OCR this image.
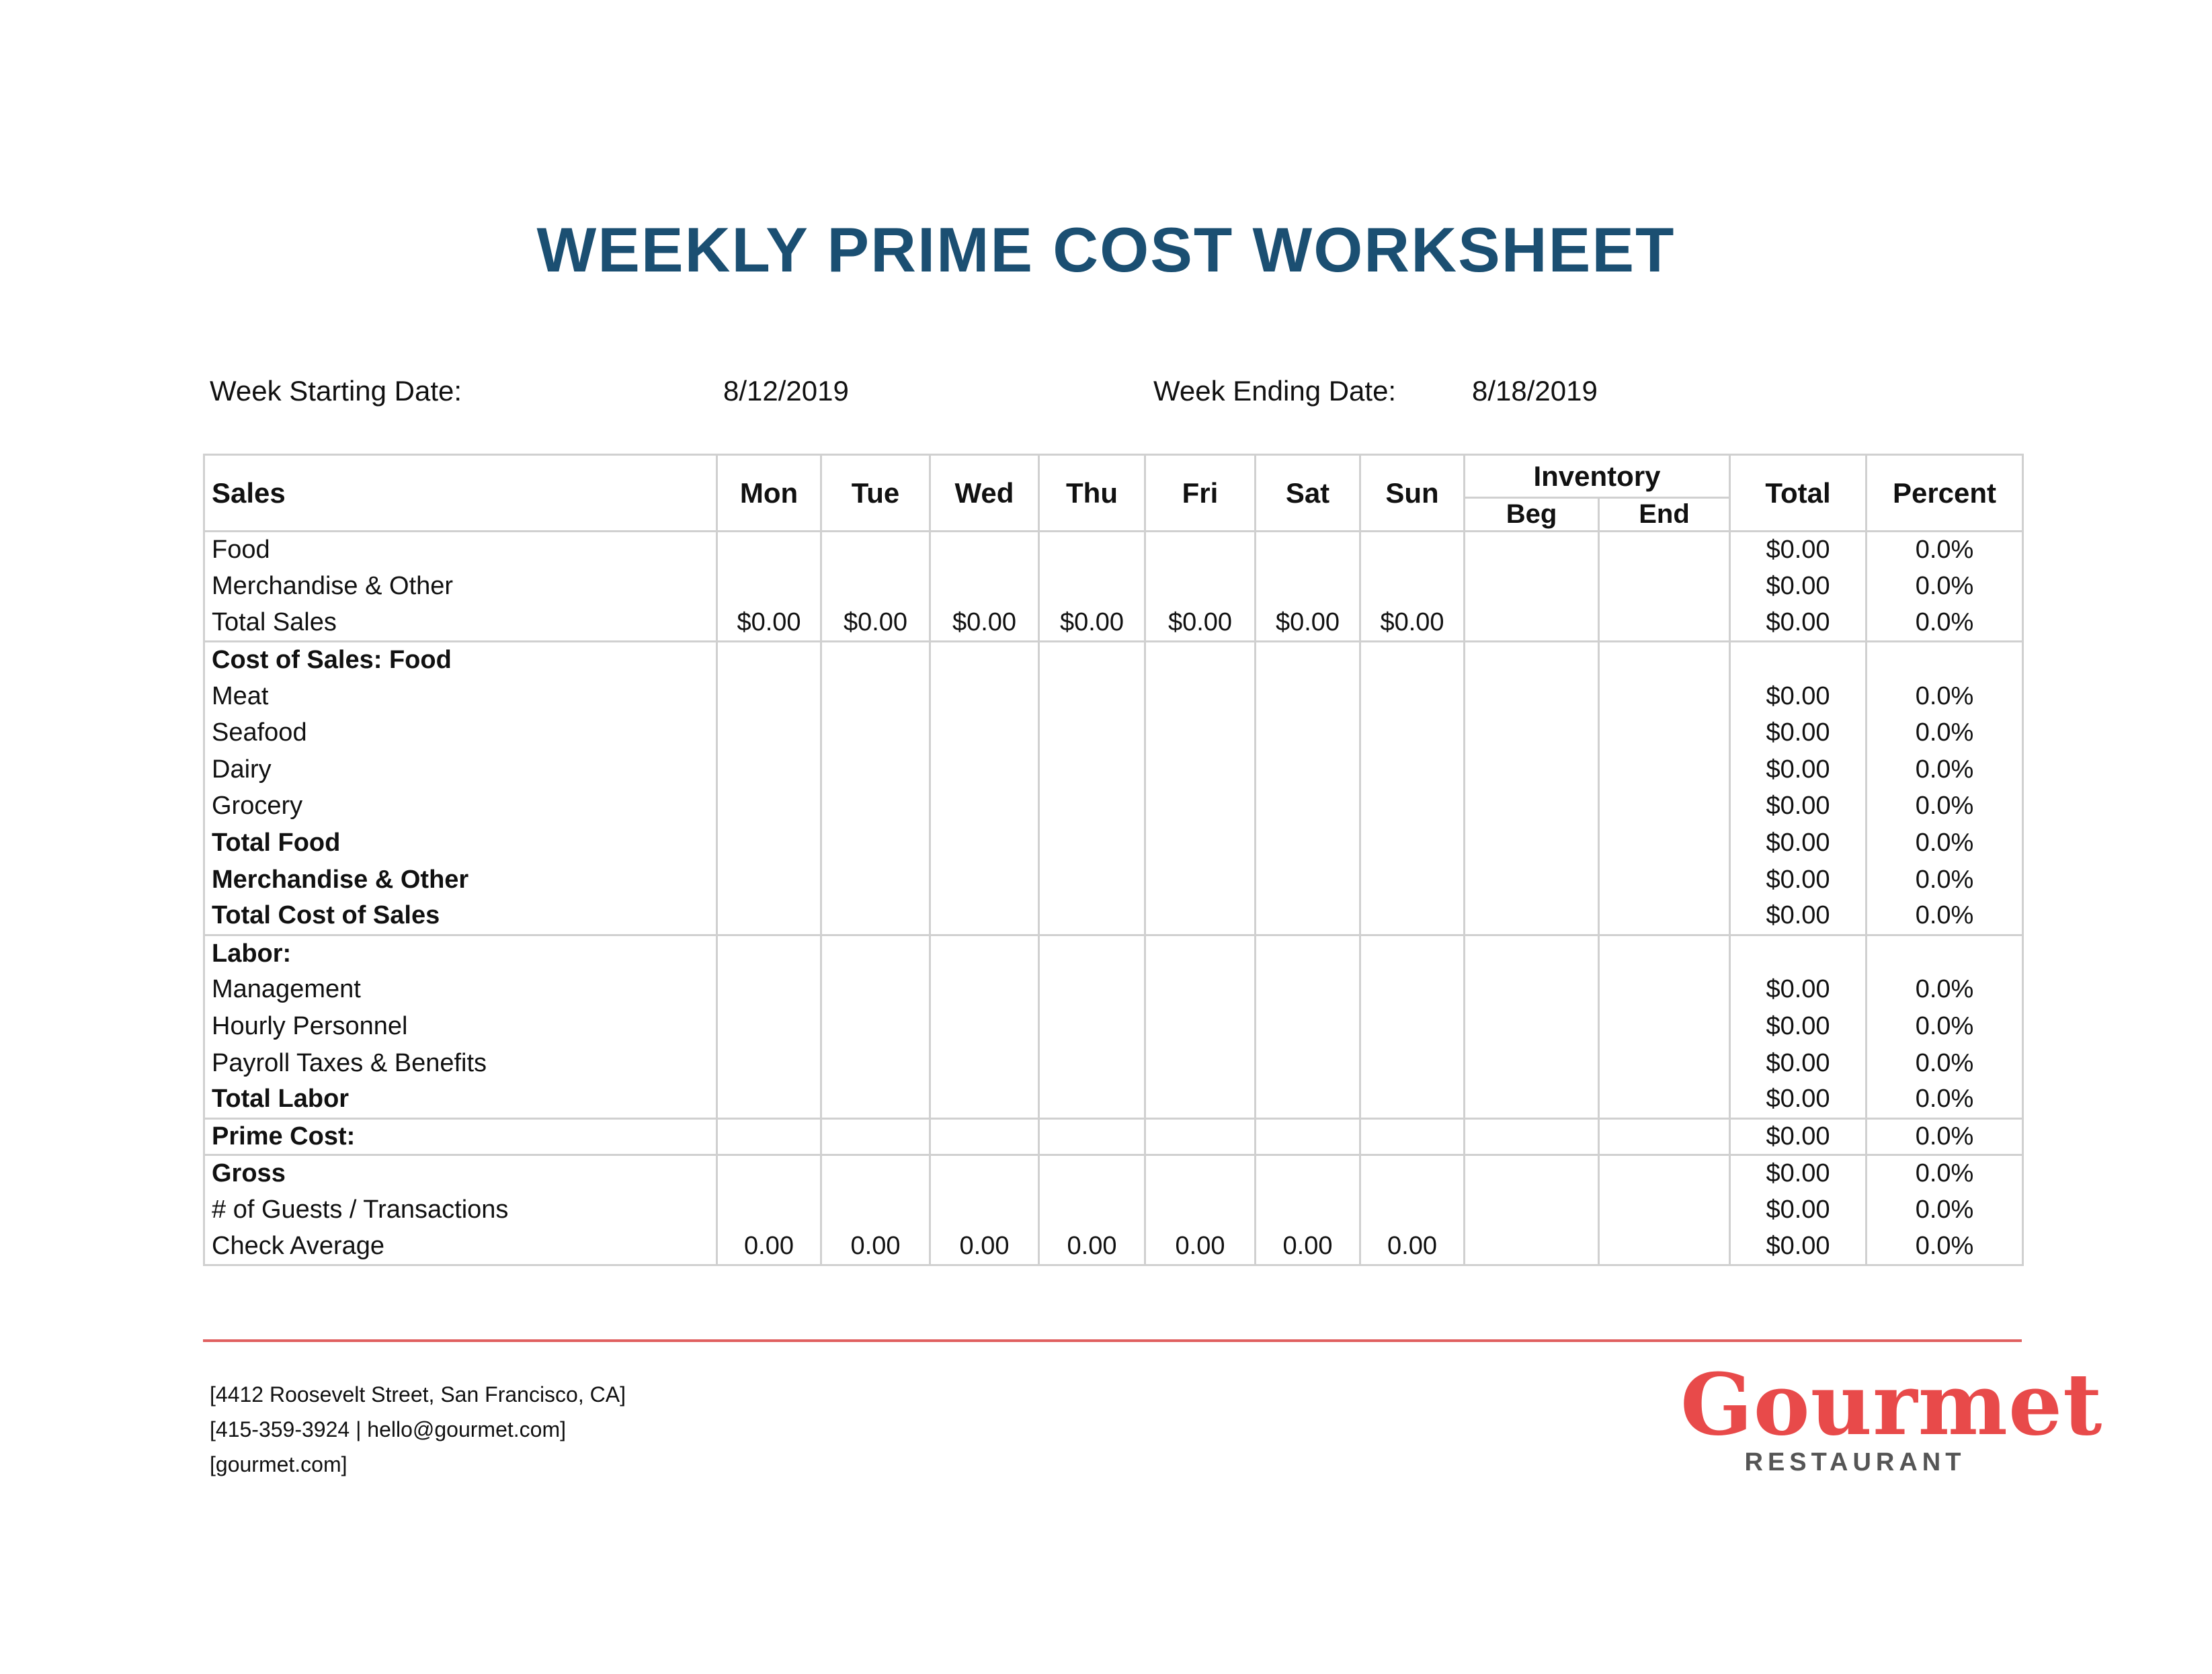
WEEKLY PRIME COST WORKSHEET
Week Starting Date:	8/12/2019	Week Ending Date:	8/18/2019
Sales	Mon	Tue	Wed	Thu	Fri	Sat	Sun	Inventory		Total	Percent
								Beg	End		
Food										$0.00	0.0%
Merchandise & Other										$0.00	0.0%
Total Sales	$0.00	$0.00	$0.00	$0.00	$0.00	$0.00	$0.00			$0.00	0.0%
Cost of Sales: Food											
Meat										$0.00	0.0%
Seafood										$0.00	0.0%
Dairy										$0.00	0.0%
Grocery										$0.00	0.0%
Total Food										$0.00	0.0%
Merchandise & Other										$0.00	0.0%
Total Cost of Sales										$0.00	0.0%
Labor:											
Management										$0.00	0.0%
Hourly Personnel										$0.00	0.0%
Payroll Taxes & Benefits										$0.00	0.0%
Total Labor										$0.00	0.0%
Prime Cost:										$0.00	0.0%
Gross										$0.00	0.0%
# of Guests / Transactions										$0.00	0.0%
Check Average	0.00	0.00	0.00	0.00	0.00	0.00	0.00			$0.00	0.0%
[4412 Roosevelt Street, San Francisco, CA]
[415-359-3924 | hello@gourmet.com]
[gourmet.com]
Gourmet
RESTAURANT
